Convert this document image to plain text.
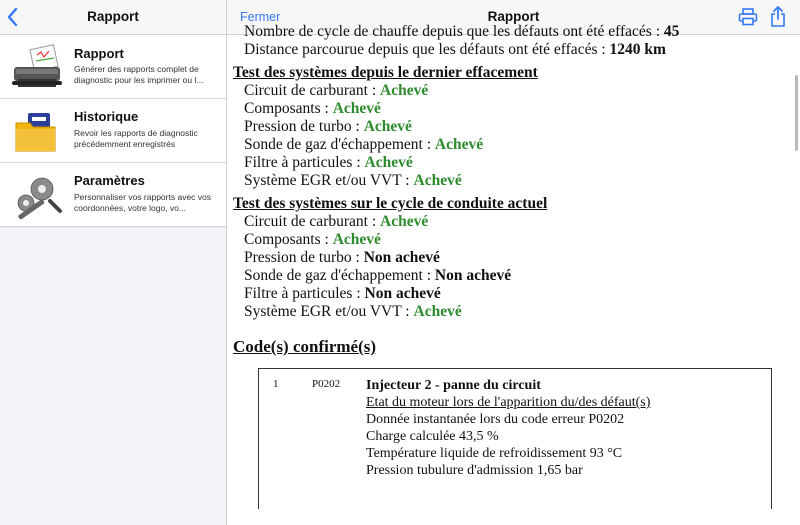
Rapport
Rapport
Générer des rapports complet de diagnostic pour les imprimer ou l...
Historique
Revoir les rapports de diagnostic précédemment enregistrés
Paramètres
Personnaliser vos rapports avec vos coordonnées, votre logo, vo...
Fermer	Rapport
Nombre de cycle de chauffe depuis que les défauts ont été effacés : 45
Distance parcourue depuis que les défauts ont été effacés : 1240 km
Test des systèmes depuis le dernier effacement
Circuit de carburant : Achevé
Composants : Achevé
Pression de turbo : Achevé
Sonde de gaz d'échappement : Achevé
Filtre à particules : Achevé
Système EGR et/ou VVT : Achevé
Test des systèmes sur le cycle de conduite actuel
Circuit de carburant : Achevé
Composants : Achevé
Pression de turbo : Non achevé
Sonde de gaz d'échappement : Non achevé
Filtre à particules : Non achevé
Système EGR et/ou VVT : Achevé
Code(s) confirmé(s)
1	P0202 Injecteur 2 - panne du circuit
Etat du moteur lors de l'apparition du/des défaut(s)
Donnée instantanée lors du code erreur P0202
Charge calculée 43,5 %
Température liquide de refroidissement 93 °C
Pression tubulure d'admission 1,65 bar
